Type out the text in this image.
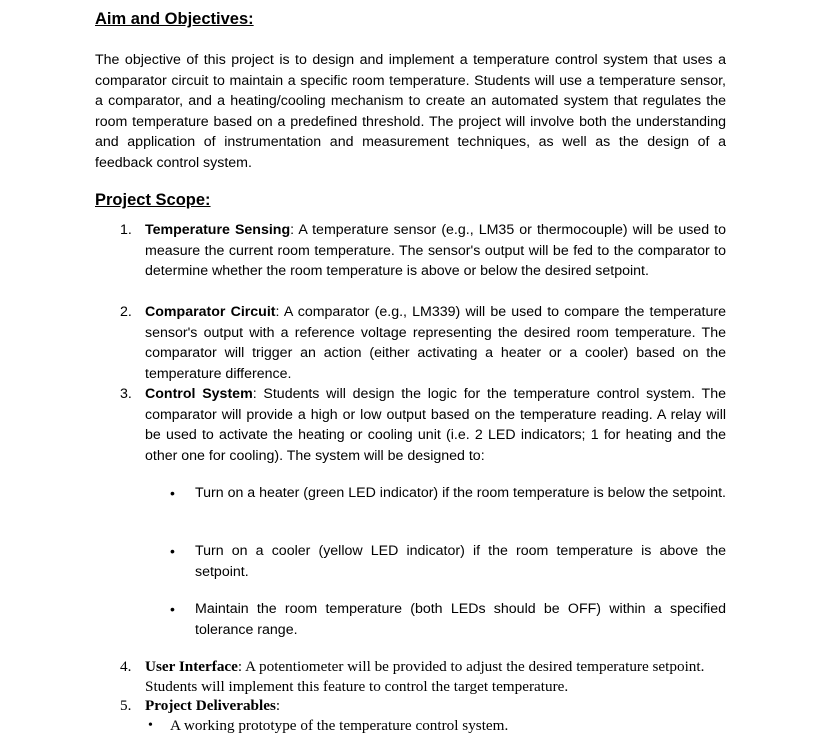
Aim and Objectives:

The objective of this project is to design and implement a temperature control system that uses a comparator circuit to maintain a specific room temperature. Students will use a temperature sensor, a comparator, and a heating/cooling mechanism to create an automated system that regulates the room temperature based on a predefined threshold. The project will involve both the understanding and application of instrumentation and measurement techniques, as well as the design of a feedback control system.

Project Scope:
1. Temperature Sensing: A temperature sensor (e.g., LM35 or thermocouple) will be used to measure the current room temperature. The sensor's output will be fed to the comparator to determine whether the room temperature is above or below the desired setpoint.

2. Comparator Circuit: A comparator (e.g., LM339) will be used to compare the temperature sensor's output with a reference voltage representing the desired room temperature. The comparator will trigger an action (either activating a heater or a cooler) based on the temperature difference.

3. Control System: Students will design the logic for the temperature control system. The comparator will provide a high or low output based on the temperature reading. A relay will be used to activate the heating or cooling unit (i.e. 2 LED indicators; 1 for heating and the other one for cooling). The system will be designed to:

• Turn on a heater (green LED indicator) if the room temperature is below the setpoint.

• Turn on a cooler (yellow LED indicator) if the room temperature is above the setpoint.

• Maintain the room temperature (both LEDs should be OFF) within a specified tolerance range.

4. User Interface: A potentiometer will be provided to adjust the desired temperature setpoint. Students will implement this feature to control the target temperature.

5. Project Deliverables:

• A working prototype of the temperature control system.
